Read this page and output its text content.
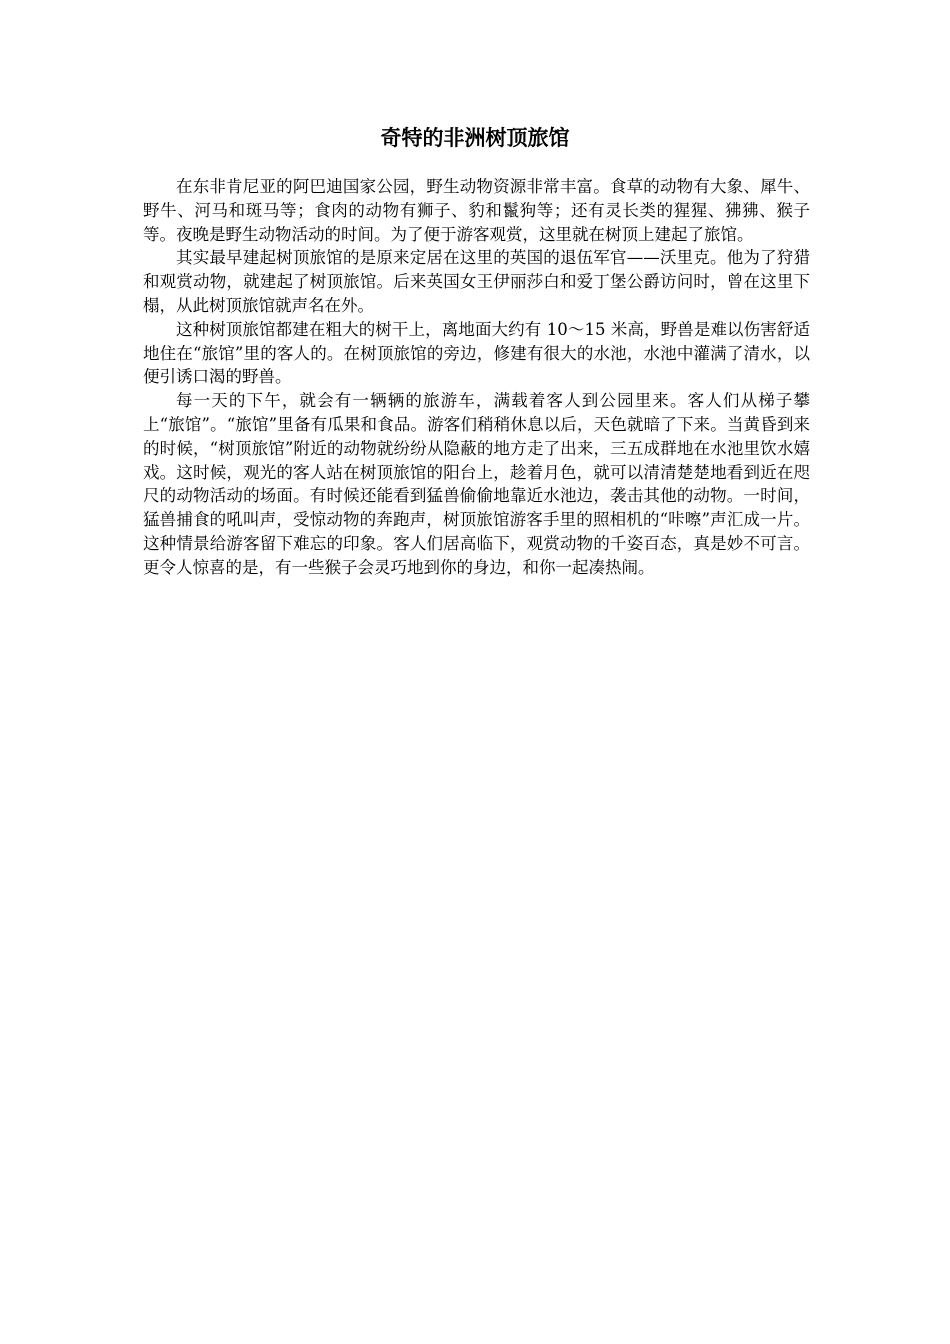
奇特的非洲树顶旅馆

在东非肯尼亚的阿巴迪国家公园，野生动物资源非常丰富。食草的动物有大象、犀牛、野牛、河马和斑马等；食肉的动物有狮子、豹和鬣狗等；还有灵长类的猩猩、狒狒、猴子等。夜晚是野生动物活动的时间。为了便于游客观赏，这里就在树顶上建起了旅馆。

其实最早建起树顶旅馆的是原来定居在这里的英国的退伍军官——沃里克。他为了狩猎和观赏动物，就建起了树顶旅馆。后来英国女王伊丽莎白和爱丁堡公爵访问时，曾在这里下榻，从此树顶旅馆就声名在外。

这种树顶旅馆都建在粗大的树干上，离地面大约有 10～15 米高，野兽是难以伤害舒适地住在“旅馆”里的客人的。在树顶旅馆的旁边，修建有很大的水池，水池中灌满了清水，以便引诱口渴的野兽。

每一天的下午，就会有一辆辆的旅游车，满载着客人到公园里来。客人们从梯子攀上“旅馆”。“旅馆”里备有瓜果和食品。游客们稍稍休息以后，天色就暗了下来。当黄昏到来的时候，“树顶旅馆”附近的动物就纷纷从隐蔽的地方走了出来，三五成群地在水池里饮水嬉戏。这时候，观光的客人站在树顶旅馆的阳台上，趁着月色，就可以清清楚楚地看到近在咫尺的动物活动的场面。有时候还能看到猛兽偷偷地靠近水池边，袭击其他的动物。一时间，猛兽捕食的吼叫声，受惊动物的奔跑声，树顶旅馆游客手里的照相机的“咔嚓”声汇成一片。这种情景给游客留下难忘的印象。客人们居高临下，观赏动物的千姿百态，真是妙不可言。更令人惊喜的是，有一些猴子会灵巧地到你的身边，和你一起凑热闹。
